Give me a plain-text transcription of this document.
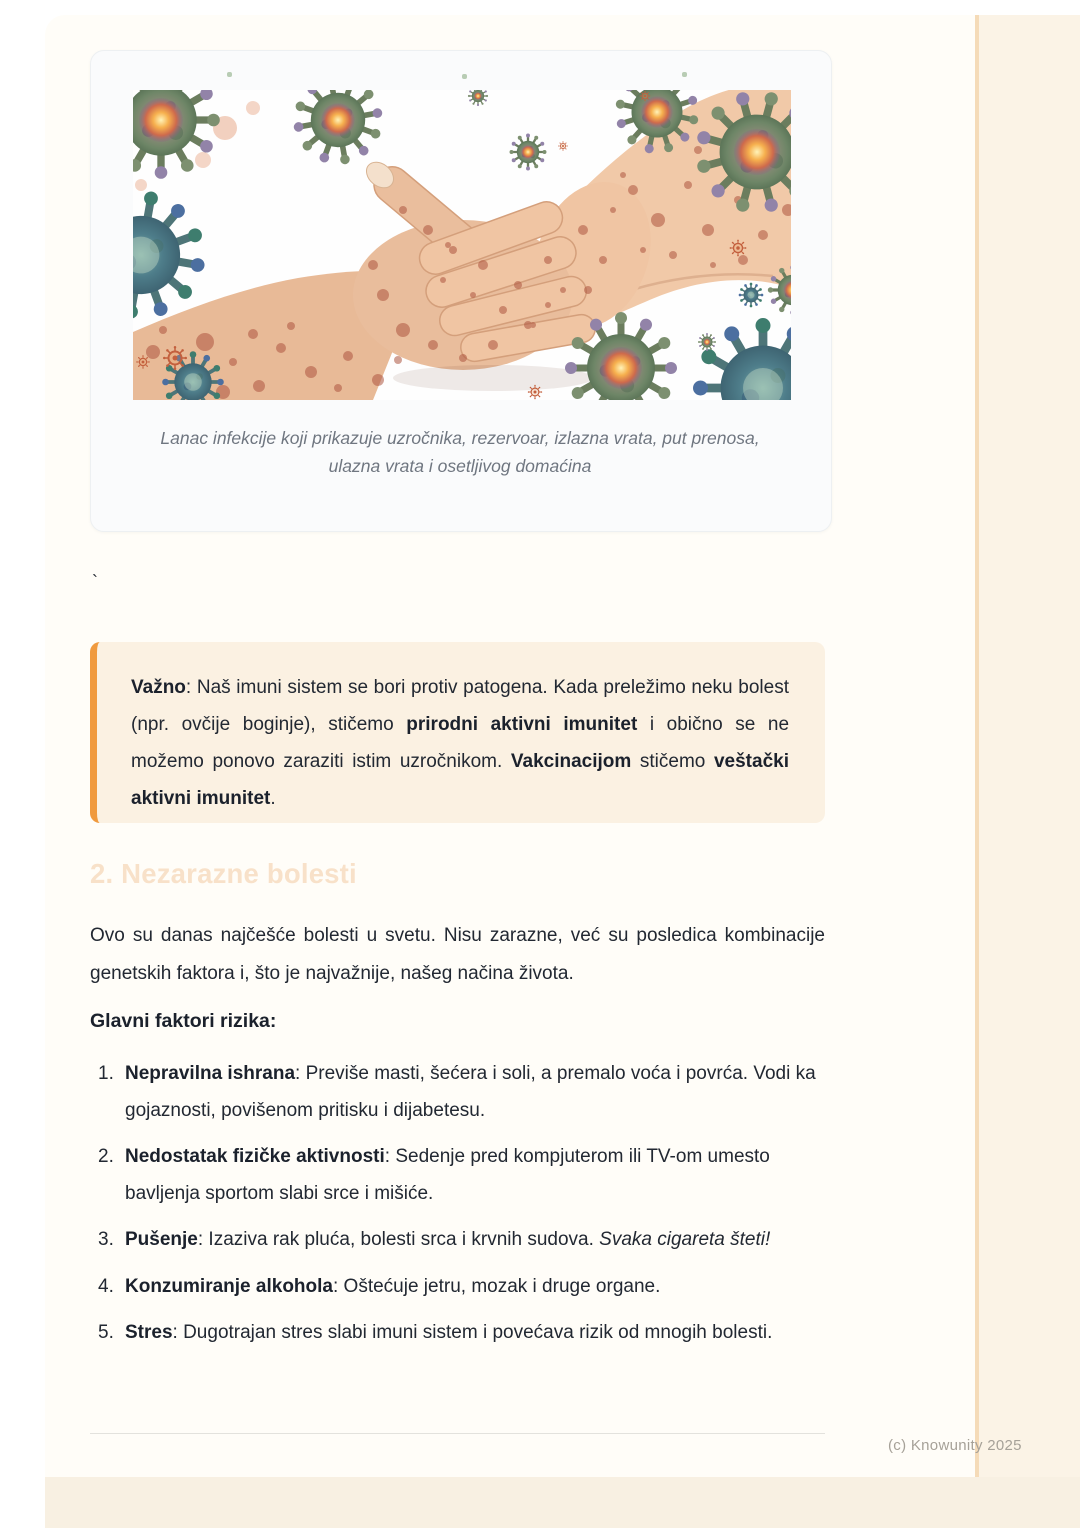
Lanac infekcije koji prikazuje uzročnika, rezervoar, izlazna vrata, put prenosa,
ulazna vrata i osetljivog domaćina
`
Važno: Naš imuni sistem se bori protiv patogena. Kada preležimo neku bolest (npr. ovčije boginje), stičemo prirodni aktivni imunitet i obično se ne možemo ponovo zaraziti istim uzročnikom. Vakcinacijom stičemo veštački aktivni imunitet.
2. Nezarazne bolesti
Ovo su danas najčešće bolesti u svetu. Nisu zarazne, već su posledica kombinacije genetskih faktora i, što je najvažnije, našeg načina života.
Glavni faktori rizika:
1. Nepravilna ishrana: Previše masti, šećera i soli, a premalo voća i povrća. Vodi ka gojaznosti, povišenom pritisku i dijabetesu.
2. Nedostatak fizičke aktivnosti: Sedenje pred kompjuterom ili TV-om umesto bavljenja sportom slabi srce i mišiće.
3. Pušenje: Izaziva rak pluća, bolesti srca i krvnih sudova. Svaka cigareta šteti!
4. Konzumiranje alkohola: Oštećuje jetru, mozak i druge organe.
5. Stres: Dugotrajan stres slabi imuni sistem i povećava rizik od mnogih bolesti.
(c) Knowunity 2025
